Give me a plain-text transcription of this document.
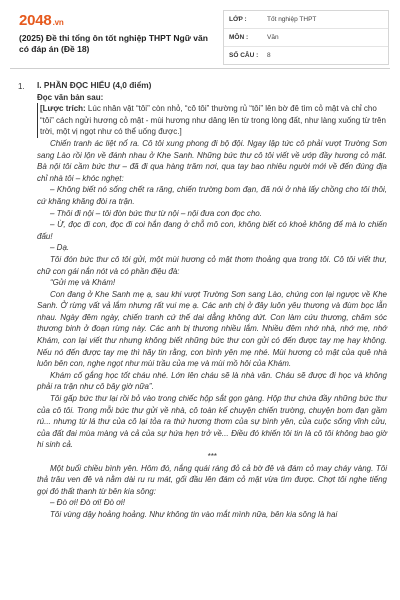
2048.vn
(2025) Đề thi tổng ôn tốt nghiệp THPT Ngữ văn có đáp án (Đề 18)
LỚP :	Tốt nghiệp THPT
MÔN :	Văn
SỐ CÂU :	8
1. I. PHẦN ĐỌC HIỂU (4,0 điểm)

Đọc văn bản sau:

[Lược trích: Lúc nhân vật “tôi” còn nhỏ, “cô tôi” thường rủ “tôi” lên bờ đê tìm cỏ mật và chỉ cho “tôi” cách ngửi hương cỏ mật - mùi hương như dâng lên từ trong lòng đất, như làng xuống từ trên trời, một vị ngọt như có thể uống được.]

Chiến tranh ác liệt nổ ra. Cô tôi xung phong đi bộ đội. Ngay lập tức cô phải vượt Trường Sơn sang Lào rồi lộn về đánh nhau ở Khe Sanh. Những bức thư cô tôi viết về ướp đầy hương cỏ mật. Bà nội tôi cầm bức thư – đã đi qua hàng trăm nơi, qua tay bao nhiêu người mới về đến đúng địa chỉ nhà tôi – khóc nghẹt:

– Không biết nó sống chết ra răng, chiến trường bom đạn, đã nói ở nhà lấy chồng cho tôi thôi, cứ khăng khăng đòi ra trận.

– Thôi đi nội – tôi đòn bức thư từ nội – nội đưa con đọc cho.

– Ừ, đọc đi con, đọc đi coi hắn đang ở chỗ mô con, không biết có khoẻ không để mà lo chiến đấu!

– Dạ.

Tôi đón bức thư cô tôi gửi, một mùi hương cỏ mật thơm thoảng qua trong tôi. Cô tôi viết thư, chữ con gái nắn nót và có phần điệu đà:

“Gửi mẹ và Khám!

Con đang ở Khe Sanh mẹ ạ, sau khi vượt Trường Sơn sang Lào, chúng con lại ngược về Khe Sanh. Ở rừng vất vả lắm nhưng rất vui mẹ ạ. Các anh chị ở đây luôn yêu thương và đùm bọc lẫn nhau. Ngày đêm ngày, chiến tranh cứ thế dai dẳng không dứt. Con làm cứu thương, chăm sóc thương binh ở đoạn rừng này. Các anh bị thương nhiều lắm. Nhiều đêm nhớ nhà, nhớ mẹ, nhớ Khám, con lại viết thư nhưng không biết những bức thư con gửi có đến được tay mẹ hay không. Nếu nó đến được tay mẹ thì hãy tin rằng, con bình yên mẹ nhé. Mùi hương cỏ mật của quê nhà luôn bên con, nghe ngọt như mùi trầu của mẹ và mùi mồ hôi của Khám.

Khám cố gắng học tốt cháu nhé. Lớn lên cháu sẽ là nhà văn. Cháu sẽ được đi học và không phải ra trận như cô bây giờ nữa”.

Tôi gấp bức thư lại rồi bỏ vào trong chiếc hộp sắt gọn gàng. Hộp thư chứa đầy những bức thư của cô tôi. Trong mỗi bức thư gửi về nhà, cô toàn kể chuyện chiến trường, chuyện bom đạn gầm rú... nhưng từ lá thư của cô lại tỏa ra thứ hương thơm của sự bình yên, của cuộc sống vĩnh cửu, của đất đai mùa màng và cả của sự hứa hẹn trở về... Điều đó khiến tôi tin là cô tôi không bao giờ hi sinh cả.

***

Một buổi chiều bình yên. Hôm đó, nắng quái ráng đỏ cả bờ đê và đám cỏ may cháy vàng. Tôi thả trâu ven đê và nằm dài ru ru mát, gối đầu lên đám cỏ mật vừa tìm được. Chợt tôi nghe tiếng gọi đó thất thanh từ bên kia sông:

– Đò ơi! Đò ơi! Đò ơi!

Tôi vùng dậy hoảng hoảng. Như không tin vào mắt mình nữa, bên kia sông là hai
